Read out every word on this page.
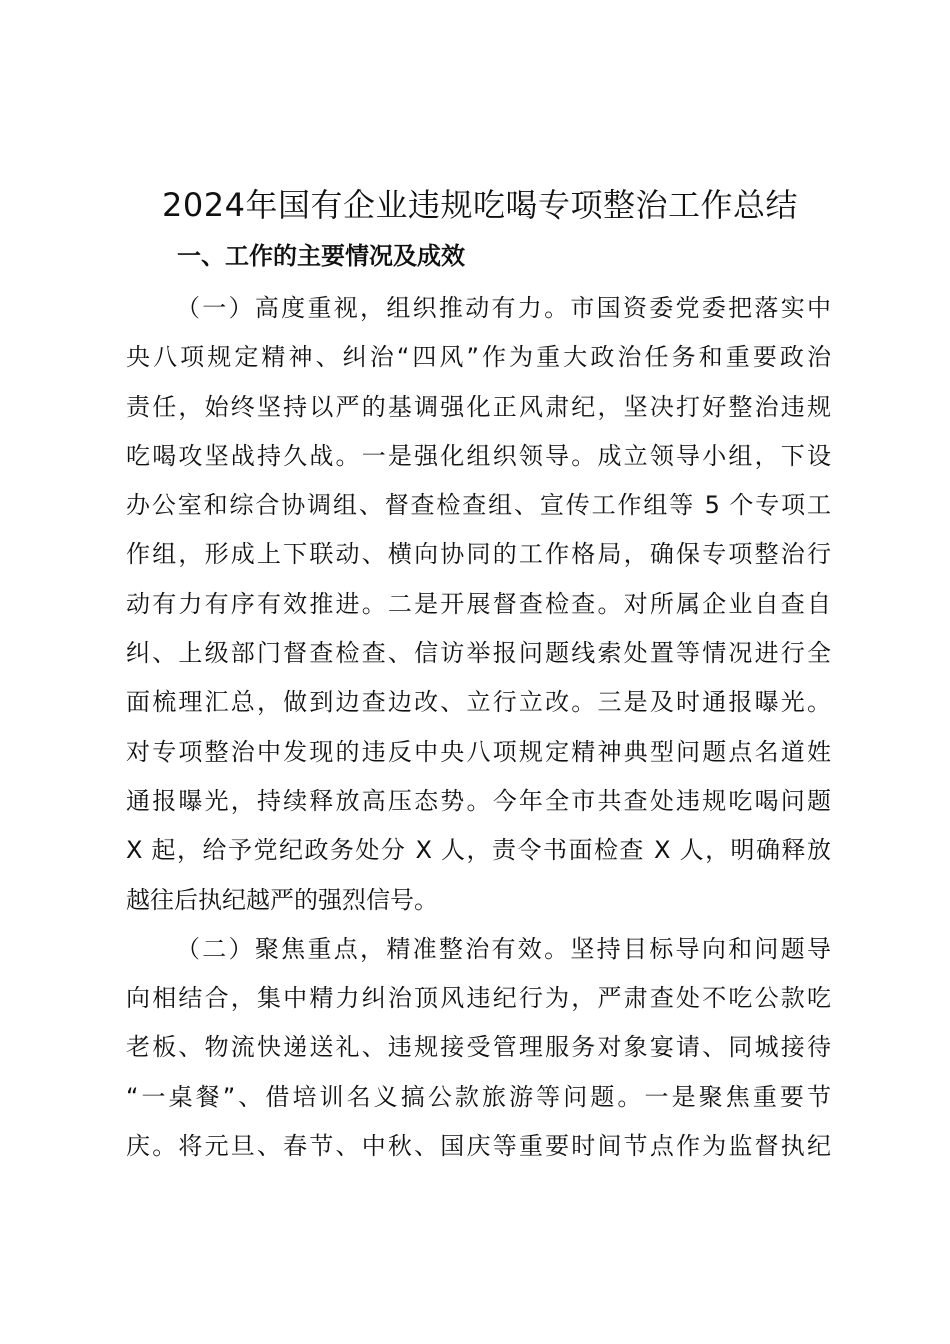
2024年国有企业违规吃喝专项整治工作总结
一、工作的主要情况及成效
（一）高度重视，组织推动有力。市国资委党委把落实中
央八项规定精神、纠治“四风”作为重大政治任务和重要政治
责任，始终坚持以严的基调强化正风肃纪，坚决打好整治违规
吃喝攻坚战持久战。一是强化组织领导。成立领导小组，下设
办公室和综合协调组、督查检查组、宣传工作组等 5 个专项工
作组，形成上下联动、横向协同的工作格局，确保专项整治行
动有力有序有效推进。二是开展督查检查。对所属企业自查自
纠、上级部门督查检查、信访举报问题线索处置等情况进行全
面梳理汇总，做到边查边改、立行立改。三是及时通报曝光。
对专项整治中发现的违反中央八项规定精神典型问题点名道姓
通报曝光，持续释放高压态势。今年全市共查处违规吃喝问题
X 起，给予党纪政务处分 X 人，责令书面检查 X 人，明确释放
越往后执纪越严的强烈信号。
（二）聚焦重点，精准整治有效。坚持目标导向和问题导
向相结合，集中精力纠治顶风违纪行为，严肃查处不吃公款吃
老板、物流快递送礼、违规接受管理服务对象宴请、同城接待
“一桌餐”、借培训名义搞公款旅游等问题。一是聚焦重要节
庆。将元旦、春节、中秋、国庆等重要时间节点作为监督执纪
